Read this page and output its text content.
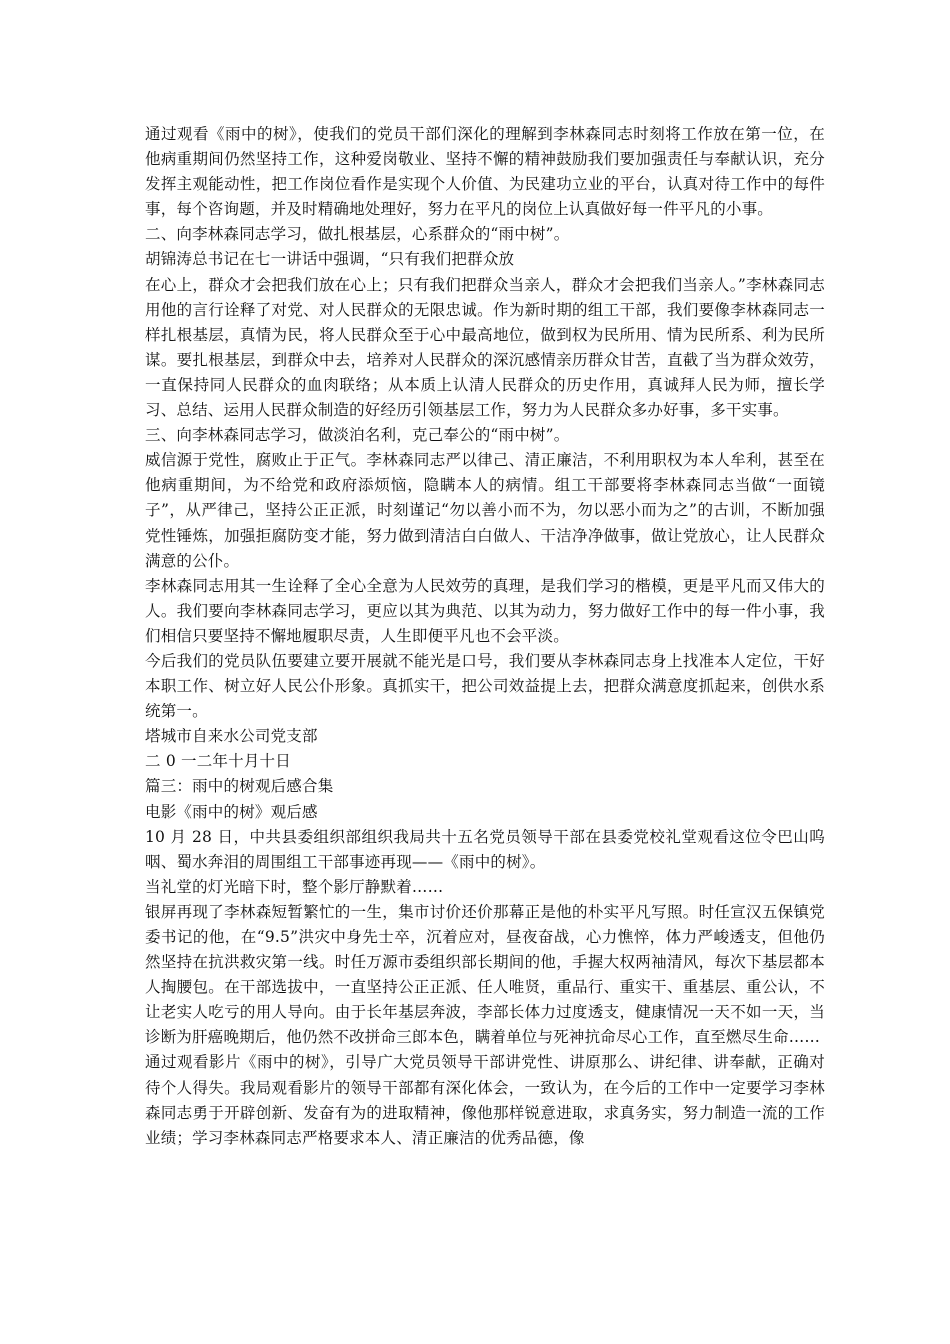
通过观看《雨中的树》，使我们的党员干部们深化的理解到李林森同志时刻将工作放在第一位，在他病重期间仍然坚持工作，这种爱岗敬业、坚持不懈的精神鼓励我们要加强责任与奉献认识，充分发挥主观能动性，把工作岗位看作是实现个人价值、为民建功立业的平台，认真对待工作中的每件事，每个咨询题，并及时精确地处理好，努力在平凡的岗位上认真做好每一件平凡的小事。

二、向李林森同志学习，做扎根基层，心系群众的“雨中树”。

胡锦涛总书记在七一讲话中强调，“只有我们把群众放

在心上，群众才会把我们放在心上；只有我们把群众当亲人，群众才会把我们当亲人。”李林森同志用他的言行诠释了对党、对人民群众的无限忠诚。作为新时期的组工干部，我们要像李林森同志一样扎根基层，真情为民，将人民群众至于心中最高地位，做到权为民所用、情为民所系、利为民所谋。要扎根基层，到群众中去，培养对人民群众的深沉感情亲历群众甘苦，直截了当为群众效劳，一直保持同人民群众的血肉联络；从本质上认清人民群众的历史作用，真诚拜人民为师，擅长学习、总结、运用人民群众制造的好经历引领基层工作，努力为人民群众多办好事，多干实事。

三、向李林森同志学习，做淡泊名利，克己奉公的“雨中树”。

威信源于党性，腐败止于正气。李林森同志严以律己、清正廉洁，不利用职权为本人牟利，甚至在他病重期间，为不给党和政府添烦恼，隐瞒本人的病情。组工干部要将李林森同志当做“一面镜子”，从严律己，坚持公正正派，时刻谨记“勿以善小而不为，勿以恶小而为之”的古训，不断加强党性锤炼，加强拒腐防变才能，努力做到清洁白白做人、干洁净净做事，做让党放心，让人民群众满意的公仆。

李林森同志用其一生诠释了全心全意为人民效劳的真理，是我们学习的楷模，更是平凡而又伟大的人。我们要向李林森同志学习，更应以其为典范、以其为动力，努力做好工作中的每一件小事，我们相信只要坚持不懈地履职尽责，人生即便平凡也不会平淡。

今后我们的党员队伍要建立要开展就不能光是口号，我们要从李林森同志身上找准本人定位，干好本职工作、树立好人民公仆形象。真抓实干，把公司效益提上去，把群众满意度抓起来，创供水系统第一。

塔城市自来水公司党支部

二 0 一二年十月十日

篇三：雨中的树观后感合集

电影《雨中的树》观后感

10 月 28 日，中共县委组织部组织我局共十五名党员领导干部在县委党校礼堂观看这位令巴山呜咽、蜀水奔泪的周围组工干部事迹再现——《雨中的树》。

当礼堂的灯光暗下时，整个影厅静默着……

银屏再现了李林森短暂繁忙的一生，集市讨价还价那幕正是他的朴实平凡写照。时任宣汉五保镇党委书记的他，在“9.5”洪灾中身先士卒，沉着应对，昼夜奋战，心力憔悴，体力严峻透支，但他仍然坚持在抗洪救灾第一线。时任万源市委组织部长期间的他，手握大权两袖清风，每次下基层都本人掏腰包。在干部选拔中，一直坚持公正正派、任人唯贤，重品行、重实干、重基层、重公认，不让老实人吃亏的用人导向。由于长年基层奔波，李部长体力过度透支，健康情况一天不如一天，当诊断为肝癌晚期后，他仍然不改拼命三郎本色，瞒着单位与死神抗命尽心工作，直至燃尽生命……

通过观看影片《雨中的树》，引导广大党员领导干部讲党性、讲原那么、讲纪律、讲奉献，正确对待个人得失。我局观看影片的领导干部都有深化体会，一致认为，在今后的工作中一定要学习李林森同志勇于开辟创新、发奋有为的进取精神，像他那样锐意进取，求真务实，努力制造一流的工作业绩；学习李林森同志严格要求本人、清正廉洁的优秀品德，像
